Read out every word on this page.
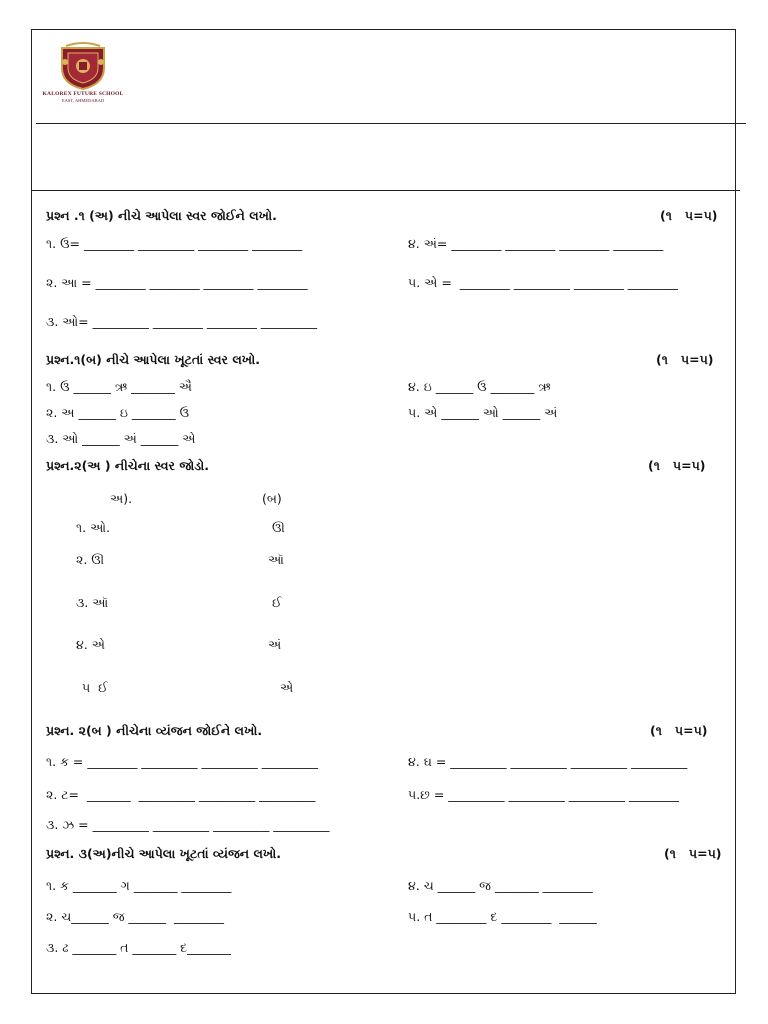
KALOREX FUTURE SCHOOL
EAST, AHMEDABAD
પ્રશ્ન .૧ (અ) નીચે આપેલા સ્વર જોઈને લખો.	(૧   ૫=૫)
૧. ઉ= ________ _________ ________ ________	૪. અં= ________ ________ ________ ________
૨. આ = ________ ________ ________ ________	૫. એ =  ________ _________ ________ ________
૩. ઓ= _________ ________ ________ _________
પ્રશ્ન.૧(બ) નીચે આપેલા ખૂટતાં સ્વર લખો.	(૧   ૫=૫)
૧. ઉ ______ ઋ _______ ઐ	૪. ઇ ______ ઉ _______ ઋ
૨. અ ______ ઇ _______ ઉ	૫. એ ______ ઓ ______ અં
૩. ઓ ______ અં ______ એ
પ્રશ્ન.૨(અ ) નીચેના સ્વર જોડો.	(૧   ૫=૫)
અ).	(બ)
૧. ઓ.	ઊ
૨. ઊ	ઑ
૩. ઑ	ઈ
૪. એ	અં
૫  ઈ	એ
પ્રશ્ન. ૨(બ ) નીચેના વ્યંજન જોઈને લખો.	(૧   ૫=૫)
૧. ક = ________ _________ _________ _________	૪. ઘ = _________ _________ _________ _________
૨. ટ=  _______  _________ _________ _________	૫.છ = _________ _________ _________ ________
૩. ઝ = _________ _________ _________ _________
પ્રશ્ન. ૩(અ)નીચે આપેલા ખૂટતાં વ્યંજન લખો.	(૧   ૫=૫)
૧. ક _______ ગ _______ ________	૪. ચ ______ જ _______ ________
૨. ચ______ જ ______  ________	૫. ત ________ દ ________  ______
૩. ઢ _______ ત _______ દ_______
